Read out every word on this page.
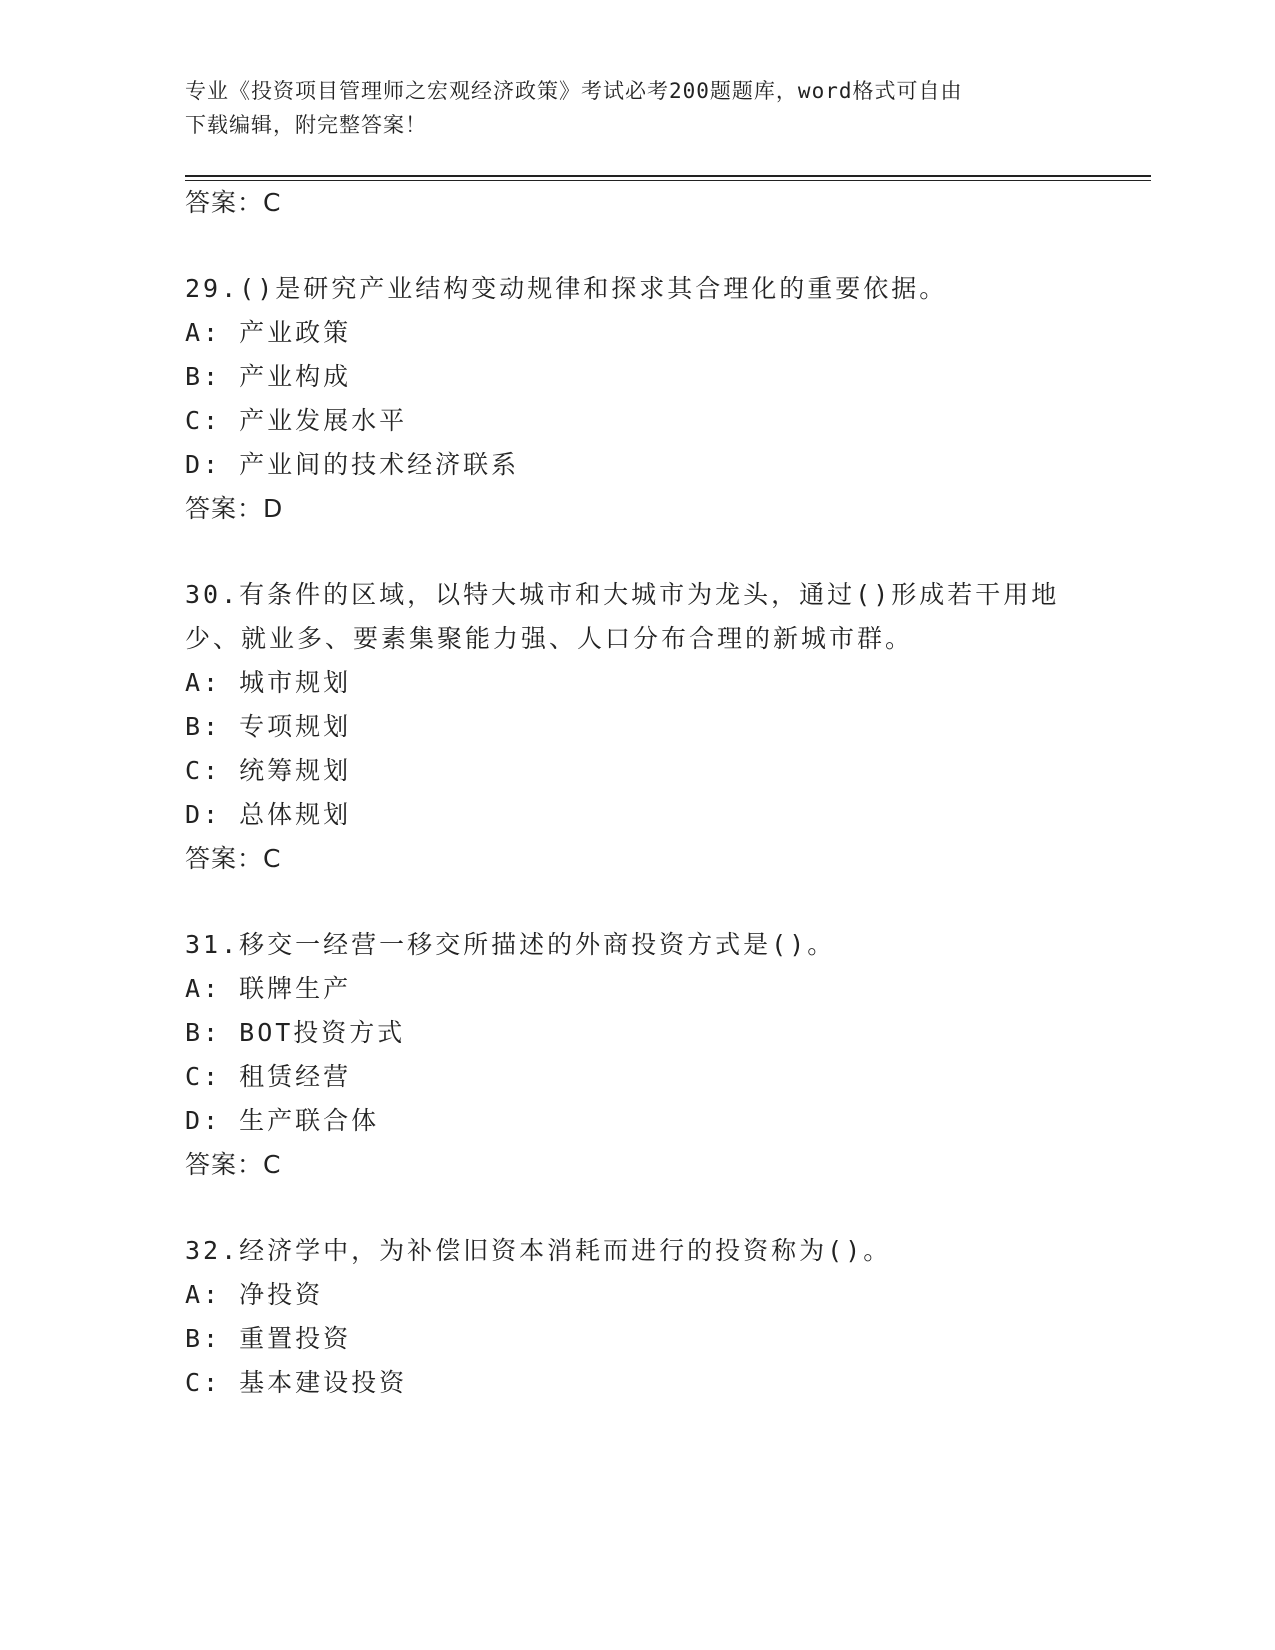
专业《投资项目管理师之宏观经济政策》考试必考200题题库，word格式可自由
下载编辑，附完整答案！
答案：C
29.()是研究产业结构变动规律和探求其合理化的重要依据。
A: 产业政策
B: 产业构成
C: 产业发展水平
D: 产业间的技术经济联系
答案：D
30.有条件的区域，以特大城市和大城市为龙头，通过()形成若干用地
少、就业多、要素集聚能力强、人口分布合理的新城市群。
A: 城市规划
B: 专项规划
C: 统筹规划
D: 总体规划
答案：C
31.移交一经营一移交所描述的外商投资方式是()。
A: 联牌生产
B: BOT投资方式
C: 租赁经营
D: 生产联合体
答案：C
32.经济学中，为补偿旧资本消耗而进行的投资称为()。
A: 净投资
B: 重置投资
C: 基本建设投资
